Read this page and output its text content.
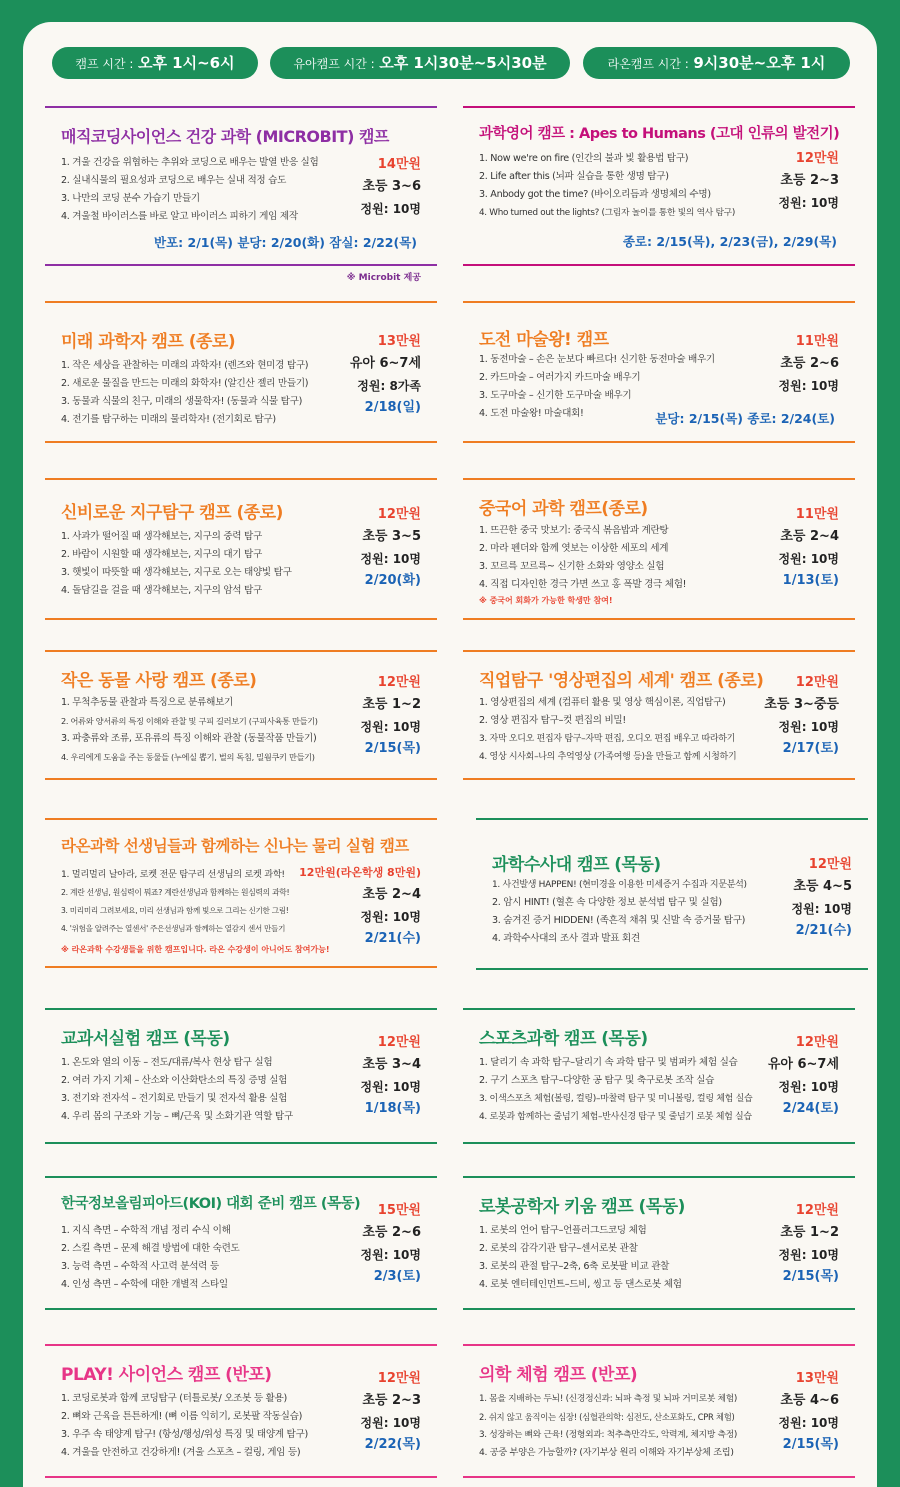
캠프 시간 : 오후 1시~6시	유아캠프 시간 : 오후 1시30분~5시30분	라온캠프 시간 : 9시30분~오후 1시
매직코딩사이언스 건강 과학 (MICROBIT) 캠프
1. 겨울 건강을 위협하는 추위와 코딩으로 배우는 발열 반응 실험
2. 실내식물의 필요성과 코딩으로 배우는 실내 적정 습도
3. 나만의 코딩 분수 가습기 만들기
4. 겨울철 바이러스를 바로 알고 바이러스 피하기 게임 제작
14만원
초등 3~6
정원: 10명
반포: 2/1(목) 분당: 2/20(화) 잠실: 2/22(목)
※ Microbit 제공
과학영어 캠프 : Apes to Humans (고대 인류의 발전기)
1. Now we're on fire (인간의 불과 빛 활용법 탐구)
2. Life after this (뇌파 실습을 통한 생명 탐구)
3. Anbody got the time? (바이오리듬과 생명체의 수명)
4. Who turned out the lights? (그림자 놀이를 통한 빛의 역사 탐구)
12만원
초등 2~3
정원: 10명
종로: 2/15(목), 2/23(금), 2/29(목)
미래 과학자 캠프 (종로)
1. 작은 세상을 관찰하는 미래의 과학자! (렌즈와 현미경 탐구)
2. 새로운 물질을 만드는 미래의 화학자! (알긴산 젤리 만들기)
3. 동물과 식물의 친구, 미래의 생물학자! (동물과 식물 탐구)
4. 전기를 탐구하는 미래의 물리학자! (전기회로 탐구)
13만원
유아 6~7세
정원: 8가족
2/18(일)
도전 마술왕! 캠프
1. 동전마술 – 손은 눈보다 빠르다! 신기한 동전마술 배우기
2. 카드마술 – 여러가지 카드마술 배우기
3. 도구마술 – 신기한 도구마술 배우기
4. 도전 마술왕! 마술대회!
11만원
초등 2~6
정원: 10명
분당: 2/15(목) 종로: 2/24(토)
신비로운 지구탐구 캠프 (종로)
1. 사과가 떨어질 때 생각해보는, 지구의 중력 탐구
2. 바람이 시원할 때 생각해보는, 지구의 대기 탐구
3. 햇빛이 따뜻할 때 생각해보는, 지구로 오는 태양빛 탐구
4. 돌담길을 걸을 때 생각해보는, 지구의 암석 탐구
12만원
초등 3~5
정원: 10명
2/20(화)
중국어 과학 캠프(종로)
1. 뜨끈한 중국 맛보기: 중국식 볶음밥과 계란탕
2. 마라 펜더와 함께 엿보는 이상한 세포의 세계
3. 꼬르륵 꼬르륵~ 신기한 소화와 영양소 실험
4. 직접 디자인한 경극 가면 쓰고 홍 폭발 경극 체험!
※ 중국어 회화가 가능한 학생만 참여!
11만원
초등 2~4
정원: 10명
1/13(토)
작은 동물 사랑 캠프 (종로)
1. 무척추동물 관찰과 특징으로 분류해보기
2. 어류와 양서류의 특징 이해와 관찰 및 구피 길러보기 (구피사육통 만들기)
3. 파충류와 조류, 포유류의 특징 이해와 관찰 (동물작품 만들기)
4. 우리에게 도움을 주는 동물들 (누에실 뽑기, 벌의 독침, 밀웜쿠키 만들기)
12만원
초등 1~2
정원: 10명
2/15(목)
직업탐구 '영상편집의 세계' 캠프 (종로)
1. 영상편집의 세계 (컴퓨터 활용 및 영상 핵심이론, 직업탐구)
2. 영상 편집자 탐구–컷 편집의 비밀!
3. 자막 오디오 편집자 탐구–자막 편집, 오디오 편집 배우고 따라하기
4. 영상 시사회–나의 추억영상 (가족여행 등)을 만들고 함께 시청하기
12만원
초등 3~중등
정원: 10명
2/17(토)
라온과학 선생님들과 함께하는 신나는 물리 실험 캠프
1. 멀리멀리 날아라, 로켓 전문 탐구리 선생님의 로켓 과학!
2. 계란 선생님, 원심력이 뭐죠? 계란선생님과 함께하는 원심력의 과학!
3. 미리미리 그려보세요, 미리 선생님과 함께 빛으로 그리는 신기한 그림!
4. '위험을 알려주는 열센서' 주은선생님과 함께하는 열감지 센서 만들기
※ 라온과학 수강생들을 위한 캠프입니다. 라온 수강생이 아니어도 참여가능!
12만원(라온학생 8만원)
초등 2~4
정원: 10명
2/21(수)
과학수사대 캠프 (목동)
1. 사건발생 HAPPEN! (현미경을 이용한 미세증거 수집과 지문분석)
2. 암시 HINT! (혈흔 속 다양한 정보 분석법 탐구 및 실험)
3. 숨겨진 증거 HIDDEN! (족흔적 채취 및 신발 속 증거물 탐구)
4. 과학수사대의 조사 결과 발표 회견
12만원
초등 4~5
정원: 10명
2/21(수)
교과서실험 캠프 (목동)
1. 온도와 열의 이동 – 전도/대류/복사 현상 탐구 실험
2. 여러 가지 기체 – 산소와 이산화탄소의 특징 증명 실험
3. 전기와 전자석 – 전기회로 만들기 및 전자석 활용 실험
4. 우리 몸의 구조와 기능 – 뼈/근육 및 소화기관 역할 탐구
12만원
초등 3~4
정원: 10명
1/18(목)
스포츠과학 캠프 (목동)
1. 달리기 속 과학 탐구–달리기 속 과학 탐구 및 범퍼카 체험 실습
2. 구기 스포츠 탐구–다양한 공 탐구 및 축구로봇 조작 실습
3. 이색스포츠 체험(볼링, 컬링)–마찰력 탐구 및 미니볼링, 컬링 체험 실습
4. 로봇과 함께하는 줄넘기 체험–반사신경 탐구 및 줄넘기 로봇 체험 실습
12만원
유아 6~7세
정원: 10명
2/24(토)
한국정보올림피아드(KOI) 대회 준비 캠프 (목동)
1. 지식 측면 – 수학적 개념 정리 수식 이해
2. 스킬 측면 – 문제 해결 방법에 대한 숙련도
3. 능력 측면 – 수학적 사고력 분석력 등
4. 인성 측면 – 수학에 대한 개별적 스타일
15만원
초등 2~6
정원: 10명
2/3(토)
로봇공학자 키움 캠프 (목동)
1. 로봇의 언어 탐구–언플러그드코딩 체험
2. 로봇의 감각기관 탐구–센서로봇 관찰
3. 로봇의 관절 탐구–2축, 6축 로봇팔 비교 관찰
4. 로봇 엔터테인먼트–드비, 씽고 등 댄스로봇 체험
12만원
초등 1~2
정원: 10명
2/15(목)
PLAY! 사이언스 캠프 (반포)
1. 코딩로봇과 함께 코딩탐구 (터틀로봇/ 오조봇 등 활용)
2. 뼈와 근육을 튼튼하게! (뼈 이름 익히기, 로봇팔 작동실습)
3. 우주 속 태양계 탐구! (항성/행성/위성 특징 및 태양계 탐구)
4. 겨울을 안전하고 건강하게! (겨울 스포츠 – 컬링, 게임 등)
12만원
초등 2~3
정원: 10명
2/22(목)
의학 체험 캠프 (반포)
1. 몸을 지배하는 두뇌! (신경정신과: 뇌파 측정 및 뇌파 거미로봇 체험)
2. 쉬지 않고 움직이는 심장! (심혈관의학: 심전도, 산소포화도, CPR 체험)
3. 성장하는 뼈와 근육! (정형외과: 척추측만각도, 악력계, 체지방 측정)
4. 공중 부양은 가능할까? (자기부상 원리 이해와 자기부상체 조립)
13만원
초등 4~6
정원: 10명
2/15(목)
